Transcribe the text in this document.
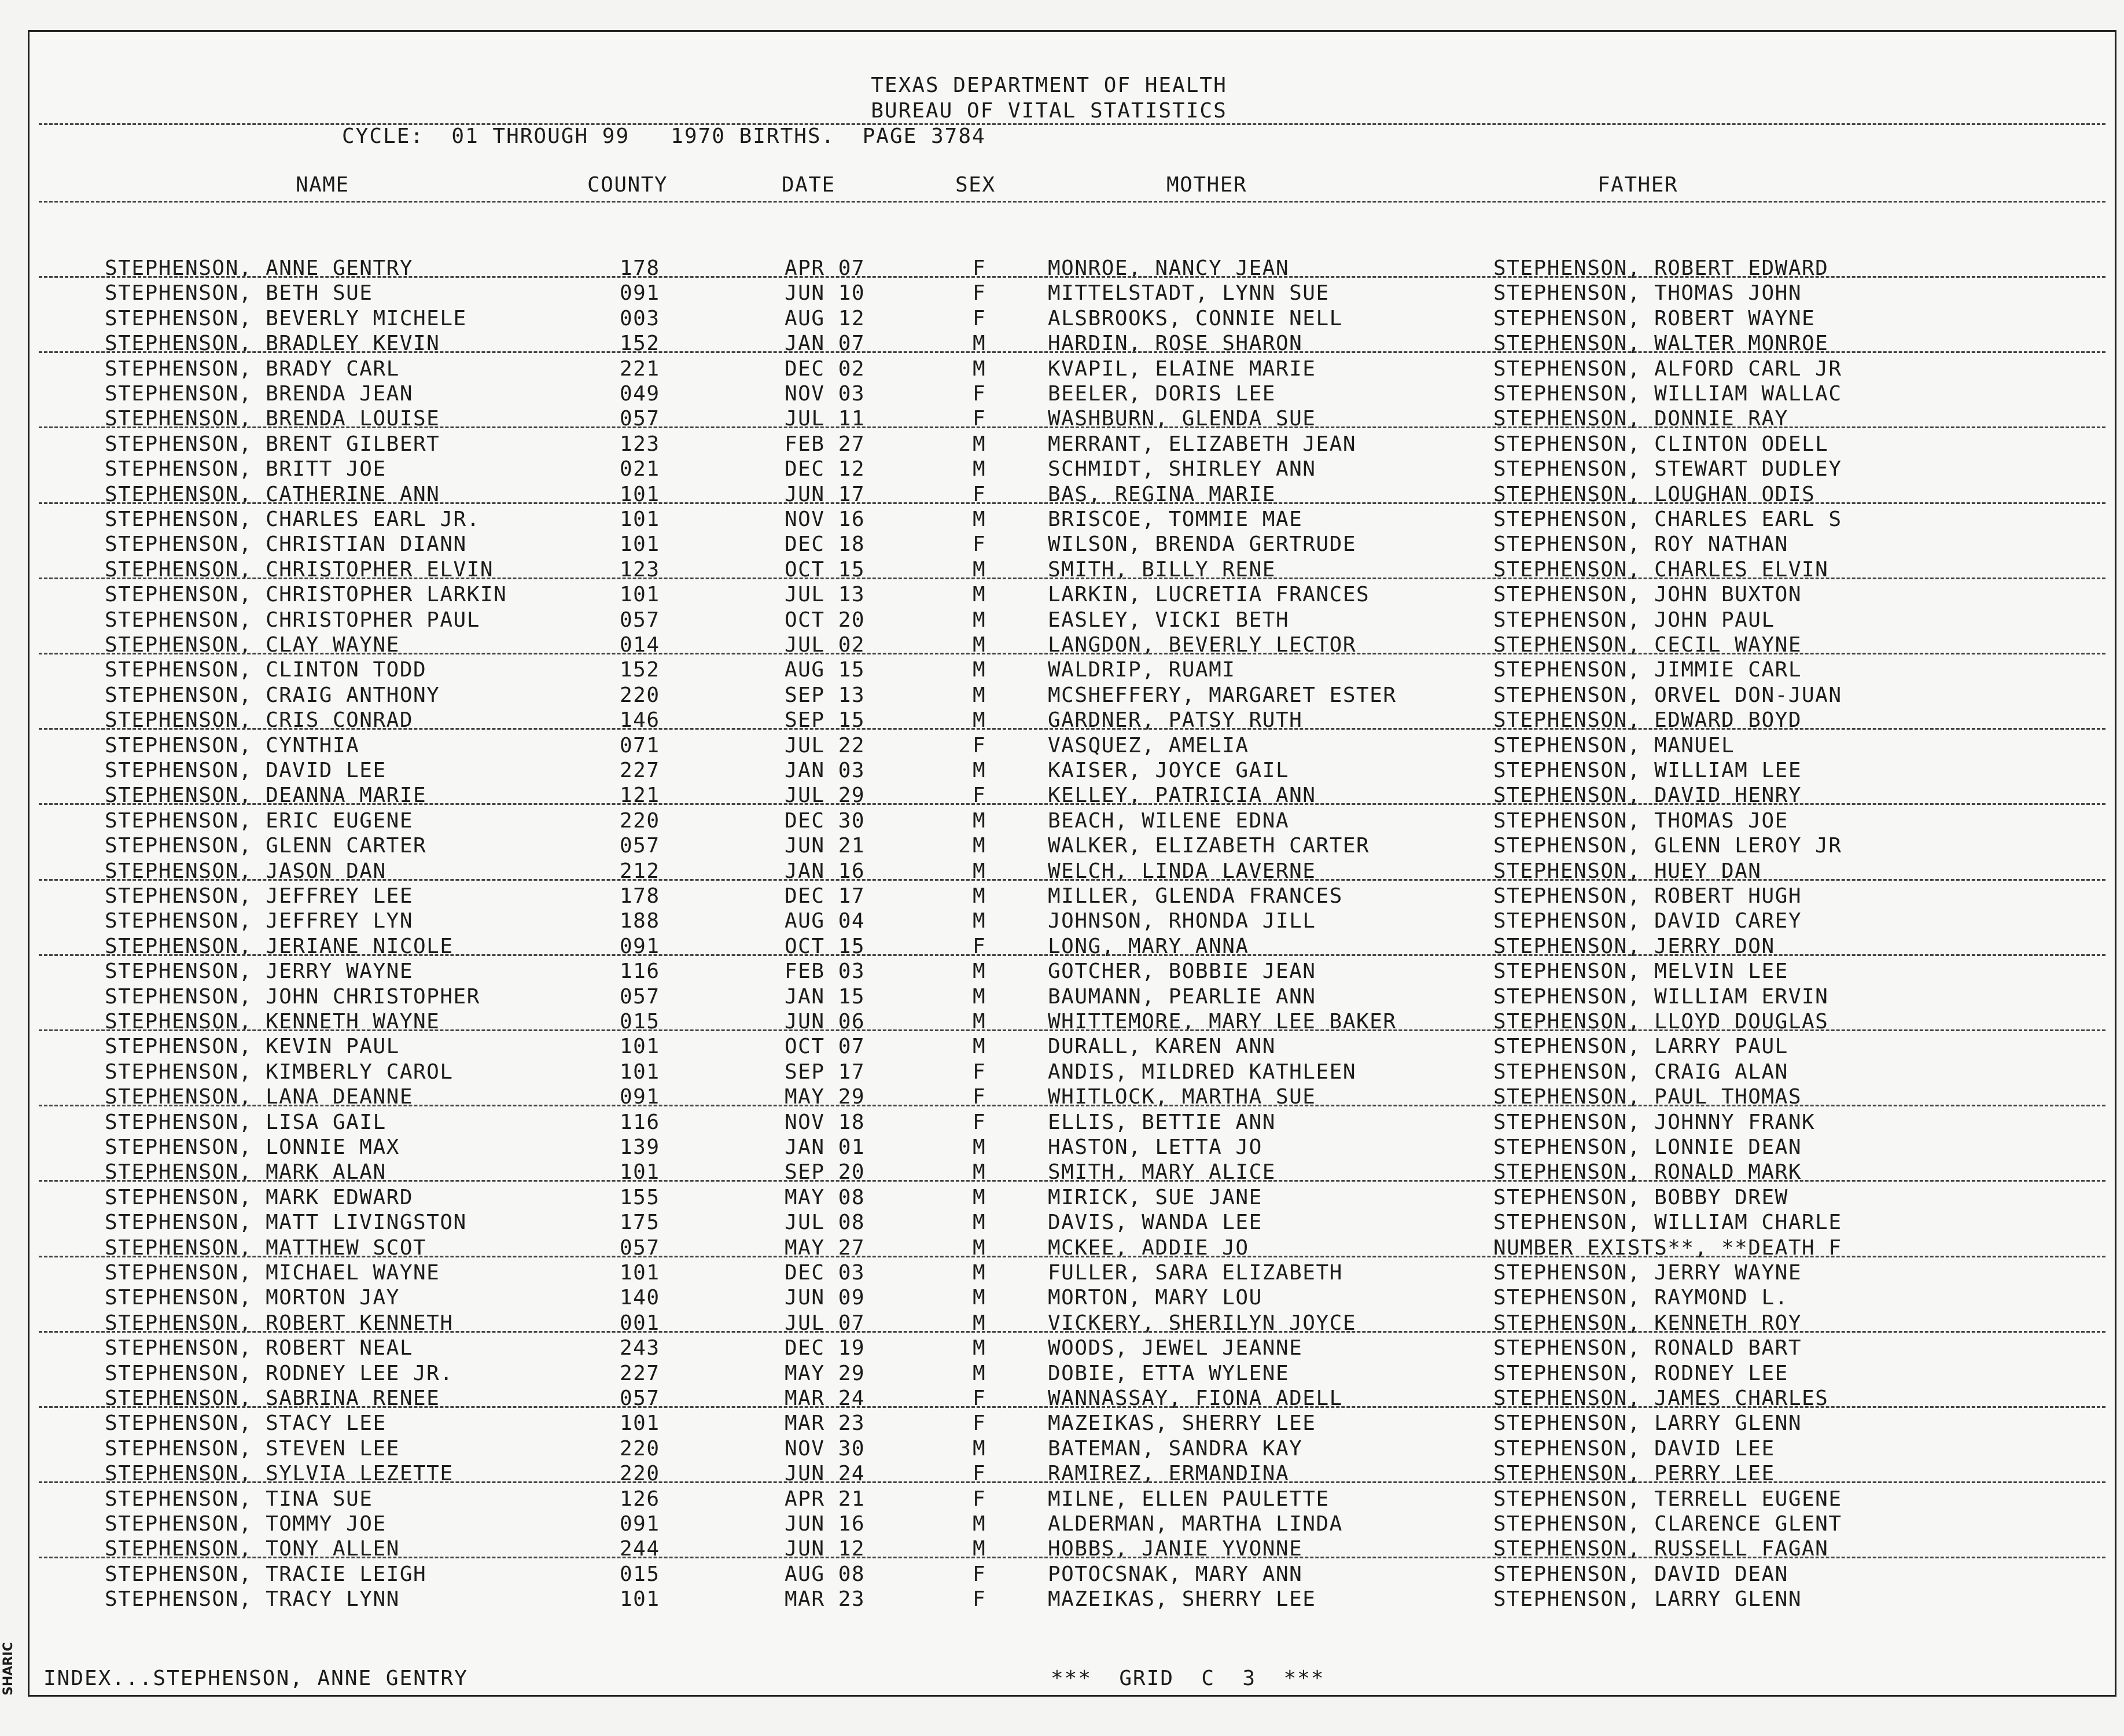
SHARIC
TEXAS DEPARTMENT OF HEALTH
BUREAU OF VITAL STATISTICS
CYCLE:  01 THROUGH 99   1970 BIRTHS.  PAGE 3784
NAME	COUNTY	DATE	SEX	MOTHER	FATHER
STEPHENSON, ANNE GENTRY	178	APR 07	F	MONROE, NANCY JEAN	STEPHENSON, ROBERT EDWARD
STEPHENSON, BETH SUE	091	JUN 10	F	MITTELSTADT, LYNN SUE	STEPHENSON, THOMAS JOHN
STEPHENSON, BEVERLY MICHELE	003	AUG 12	F	ALSBROOKS, CONNIE NELL	STEPHENSON, ROBERT WAYNE
STEPHENSON, BRADLEY KEVIN	152	JAN 07	M	HARDIN, ROSE SHARON	STEPHENSON, WALTER MONROE
STEPHENSON, BRADY CARL	221	DEC 02	M	KVAPIL, ELAINE MARIE	STEPHENSON, ALFORD CARL JR
STEPHENSON, BRENDA JEAN	049	NOV 03	F	BEELER, DORIS LEE	STEPHENSON, WILLIAM WALLAC
STEPHENSON, BRENDA LOUISE	057	JUL 11	F	WASHBURN, GLENDA SUE	STEPHENSON, DONNIE RAY
STEPHENSON, BRENT GILBERT	123	FEB 27	M	MERRANT, ELIZABETH JEAN	STEPHENSON, CLINTON ODELL
STEPHENSON, BRITT JOE	021	DEC 12	M	SCHMIDT, SHIRLEY ANN	STEPHENSON, STEWART DUDLEY
STEPHENSON, CATHERINE ANN	101	JUN 17	F	BAS, REGINA MARIE	STEPHENSON, LOUGHAN ODIS
STEPHENSON, CHARLES EARL JR.	101	NOV 16	M	BRISCOE, TOMMIE MAE	STEPHENSON, CHARLES EARL S
STEPHENSON, CHRISTIAN DIANN	101	DEC 18	F	WILSON, BRENDA GERTRUDE	STEPHENSON, ROY NATHAN
STEPHENSON, CHRISTOPHER ELVIN	123	OCT 15	M	SMITH, BILLY RENE	STEPHENSON, CHARLES ELVIN
STEPHENSON, CHRISTOPHER LARKIN	101	JUL 13	M	LARKIN, LUCRETIA FRANCES	STEPHENSON, JOHN BUXTON
STEPHENSON, CHRISTOPHER PAUL	057	OCT 20	M	EASLEY, VICKI BETH	STEPHENSON, JOHN PAUL
STEPHENSON, CLAY WAYNE	014	JUL 02	M	LANGDON, BEVERLY LECTOR	STEPHENSON, CECIL WAYNE
STEPHENSON, CLINTON TODD	152	AUG 15	M	WALDRIP, RUAMI	STEPHENSON, JIMMIE CARL
STEPHENSON, CRAIG ANTHONY	220	SEP 13	M	MCSHEFFERY, MARGARET ESTER	STEPHENSON, ORVEL DON-JUAN
STEPHENSON, CRIS CONRAD	146	SEP 15	M	GARDNER, PATSY RUTH	STEPHENSON, EDWARD BOYD
STEPHENSON, CYNTHIA	071	JUL 22	F	VASQUEZ, AMELIA	STEPHENSON, MANUEL
STEPHENSON, DAVID LEE	227	JAN 03	M	KAISER, JOYCE GAIL	STEPHENSON, WILLIAM LEE
STEPHENSON, DEANNA MARIE	121	JUL 29	F	KELLEY, PATRICIA ANN	STEPHENSON, DAVID HENRY
STEPHENSON, ERIC EUGENE	220	DEC 30	M	BEACH, WILENE EDNA	STEPHENSON, THOMAS JOE
STEPHENSON, GLENN CARTER	057	JUN 21	M	WALKER, ELIZABETH CARTER	STEPHENSON, GLENN LEROY JR
STEPHENSON, JASON DAN	212	JAN 16	M	WELCH, LINDA LAVERNE	STEPHENSON, HUEY DAN
STEPHENSON, JEFFREY LEE	178	DEC 17	M	MILLER, GLENDA FRANCES	STEPHENSON, ROBERT HUGH
STEPHENSON, JEFFREY LYN	188	AUG 04	M	JOHNSON, RHONDA JILL	STEPHENSON, DAVID CAREY
STEPHENSON, JERIANE NICOLE	091	OCT 15	F	LONG, MARY ANNA	STEPHENSON, JERRY DON
STEPHENSON, JERRY WAYNE	116	FEB 03	M	GOTCHER, BOBBIE JEAN	STEPHENSON, MELVIN LEE
STEPHENSON, JOHN CHRISTOPHER	057	JAN 15	M	BAUMANN, PEARLIE ANN	STEPHENSON, WILLIAM ERVIN
STEPHENSON, KENNETH WAYNE	015	JUN 06	M	WHITTEMORE, MARY LEE BAKER	STEPHENSON, LLOYD DOUGLAS
STEPHENSON, KEVIN PAUL	101	OCT 07	M	DURALL, KAREN ANN	STEPHENSON, LARRY PAUL
STEPHENSON, KIMBERLY CAROL	101	SEP 17	F	ANDIS, MILDRED KATHLEEN	STEPHENSON, CRAIG ALAN
STEPHENSON, LANA DEANNE	091	MAY 29	F	WHITLOCK, MARTHA SUE	STEPHENSON, PAUL THOMAS
STEPHENSON, LISA GAIL	116	NOV 18	F	ELLIS, BETTIE ANN	STEPHENSON, JOHNNY FRANK
STEPHENSON, LONNIE MAX	139	JAN 01	M	HASTON, LETTA JO	STEPHENSON, LONNIE DEAN
STEPHENSON, MARK ALAN	101	SEP 20	M	SMITH, MARY ALICE	STEPHENSON, RONALD MARK
STEPHENSON, MARK EDWARD	155	MAY 08	M	MIRICK, SUE JANE	STEPHENSON, BOBBY DREW
STEPHENSON, MATT LIVINGSTON	175	JUL 08	M	DAVIS, WANDA LEE	STEPHENSON, WILLIAM CHARLE
STEPHENSON, MATTHEW SCOT	057	MAY 27	M	MCKEE, ADDIE JO	NUMBER EXISTS**, **DEATH F
STEPHENSON, MICHAEL WAYNE	101	DEC 03	M	FULLER, SARA ELIZABETH	STEPHENSON, JERRY WAYNE
STEPHENSON, MORTON JAY	140	JUN 09	M	MORTON, MARY LOU	STEPHENSON, RAYMOND L.
STEPHENSON, ROBERT KENNETH	001	JUL 07	M	VICKERY, SHERILYN JOYCE	STEPHENSON, KENNETH ROY
STEPHENSON, ROBERT NEAL	243	DEC 19	M	WOODS, JEWEL JEANNE	STEPHENSON, RONALD BART
STEPHENSON, RODNEY LEE JR.	227	MAY 29	M	DOBIE, ETTA WYLENE	STEPHENSON, RODNEY LEE
STEPHENSON, SABRINA RENEE	057	MAR 24	F	WANNASSAY, FIONA ADELL	STEPHENSON, JAMES CHARLES
STEPHENSON, STACY LEE	101	MAR 23	F	MAZEIKAS, SHERRY LEE	STEPHENSON, LARRY GLENN
STEPHENSON, STEVEN LEE	220	NOV 30	M	BATEMAN, SANDRA KAY	STEPHENSON, DAVID LEE
STEPHENSON, SYLVIA LEZETTE	220	JUN 24	F	RAMIREZ, ERMANDINA	STEPHENSON, PERRY LEE
STEPHENSON, TINA SUE	126	APR 21	F	MILNE, ELLEN PAULETTE	STEPHENSON, TERRELL EUGENE
STEPHENSON, TOMMY JOE	091	JUN 16	M	ALDERMAN, MARTHA LINDA	STEPHENSON, CLARENCE GLENT
STEPHENSON, TONY ALLEN	244	JUN 12	M	HOBBS, JANIE YVONNE	STEPHENSON, RUSSELL FAGAN
STEPHENSON, TRACIE LEIGH	015	AUG 08	F	POTOCSNAK, MARY ANN	STEPHENSON, DAVID DEAN
STEPHENSON, TRACY LYNN	101	MAR 23	F	MAZEIKAS, SHERRY LEE	STEPHENSON, LARRY GLENN
INDEX...STEPHENSON, ANNE GENTRY	***  GRID  C  3  ***
